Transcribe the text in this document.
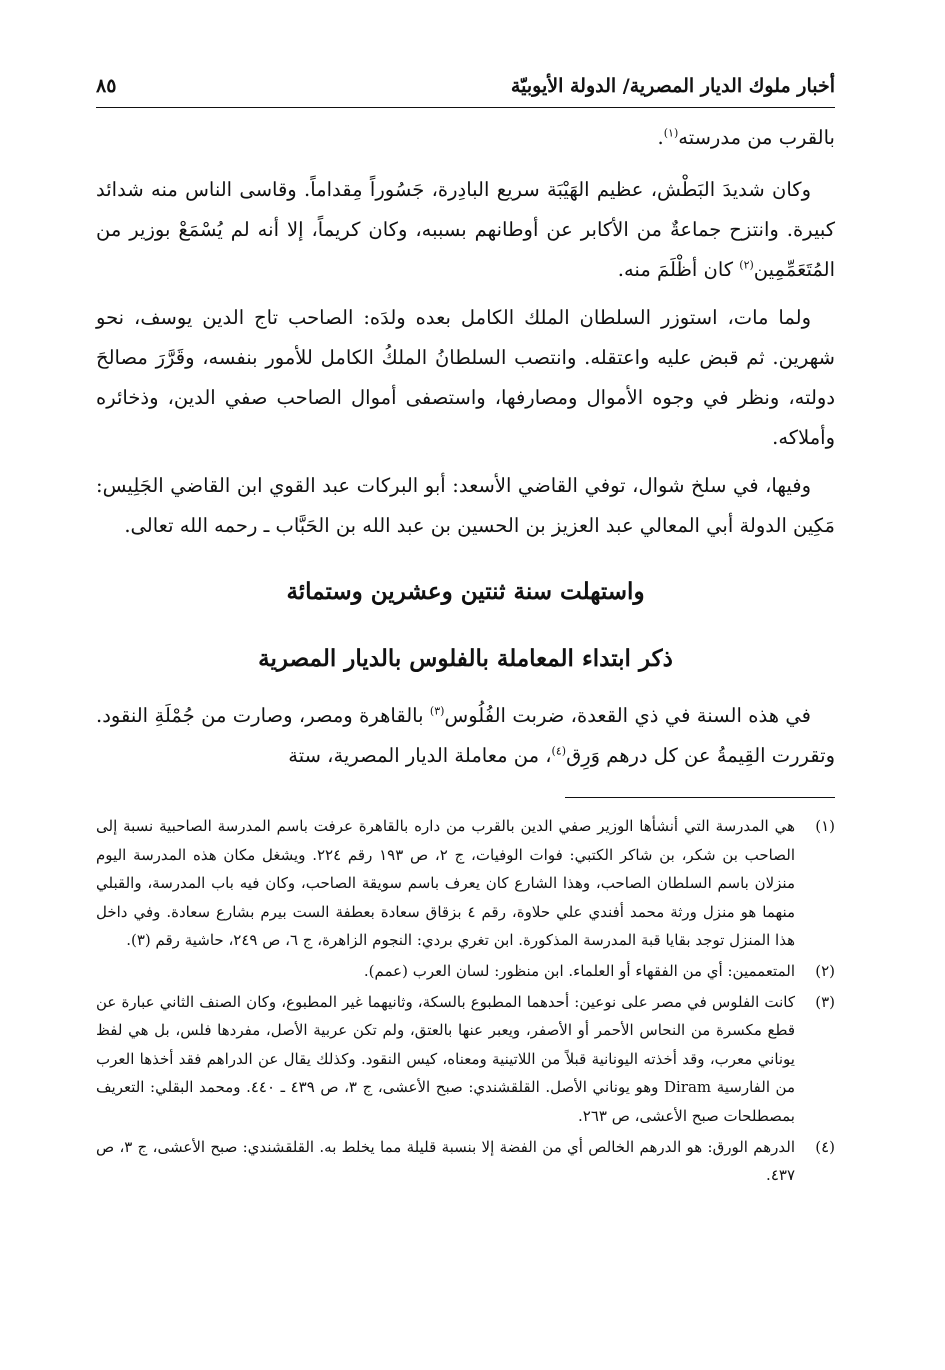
أخبار ملوك الديار المصرية/ الدولة الأيوبيّة
٨٥

بالقرب من مدرسته$^{(١)}$.

وكان شديدَ البَطْش، عظيم الهَيْبَة سريع البادِرة، جَسُوراً مِقداماً. وقاسى الناس منه شدائد كبيرة. وانتزح جماعةٌ من الأكابر عن أوطانهم بسببه، وكان كريماً، إلا أنه لم يُسْمَعْ بوزير من المُتَعَمِّمِين$^{(٢)}$ كان أظْلَمَ منه.

ولما مات، استوزر السلطان الملك الكامل بعده ولدَه: الصاحب تاج الدين يوسف، نحو شهرين. ثم قبض عليه واعتقله. وانتصب السلطانُ الملكُ الكامل للأمور بنفسه، وقَرَّرَ مصالحَ دولته، ونظر في وجوه الأموال ومصارفها، واستصفى أموال الصاحب صفي الدين، وذخائره وأملاكه.

وفيها، في سلخ شوال، توفي القاضي الأسعد: أبو البركات عبد القوي ابن القاضي الجَلِيس: مَكِين الدولة أبي المعالي عبد العزيز بن الحسين بن عبد الله بن الحَبَّاب ـ رحمه الله تعالى.

واستهلت سنة ثنتين وعشرين وستمائة
ذكر ابتداء المعاملة بالفلوس بالديار المصرية

في هذه السنة في ذي القعدة، ضربت الفُلُوس$^{(٣)}$ بالقاهرة ومصر، وصارت من جُمْلَةِ النقود. وتقررت القِيمةُ عن كل درهم وَرِق$^{(٤)}$، من معاملة الديار المصرية، ستة

(١)
هي المدرسة التي أنشأها الوزير صفي الدين بالقرب من داره بالقاهرة عرفت باسم المدرسة الصاحبية نسبة إلى الصاحب بن شكر، بن شاكر الكتبي: فوات الوفيات، ج ٢، ص ١٩٣ رقم ٢٢٤. ويشغل مكان هذه المدرسة اليوم منزلان باسم السلطان الصاحب، وهذا الشارع كان يعرف باسم سويقة الصاحب، وكان فيه باب المدرسة، والقبلي منهما هو منزل ورثة محمد أفندي علي حلاوة، رقم ٤ بزقاق سعادة بعطفة الست بيرم بشارع سعادة. وفي داخل هذا المنزل توجد بقايا قبة المدرسة المذكورة. ابن تغري بردي: النجوم الزاهرة، ج ٦، ص ٢٤٩، حاشية رقم (٣).
(٢)
المتعممين: أي من الفقهاء أو العلماء. ابن منظور: لسان العرب (عمم).
(٣)
كانت الفلوس في مصر على نوعين: أحدهما المطبوع بالسكة، وثانيهما غير المطبوع، وكان الصنف الثاني عبارة عن قطع مكسرة من النحاس الأحمر أو الأصفر، ويعبر عنها بالعتق، ولم تكن عربية الأصل، مفردها فلس، بل هي لفظ يوناني معرب، وقد أخذته اليونانية قبلاً من اللاتينية ومعناه، كيس النقود. وكذلك يقال عن الدراهم فقد أخذها العرب من الفارسية Diram وهو يوناني الأصل. القلقشندي: صبح الأعشى، ج ٣، ص ٤٣٩ ـ ٤٤٠. ومحمد البقلي: التعريف بمصطلحات صبح الأعشى، ص ٢٦٣.
(٤)
الدرهم الورق: هو الدرهم الخالص أي من الفضة إلا بنسبة قليلة مما يخلط به. القلقشندي: صبح الأعشى، ج ٣، ص ٤٣٧.
